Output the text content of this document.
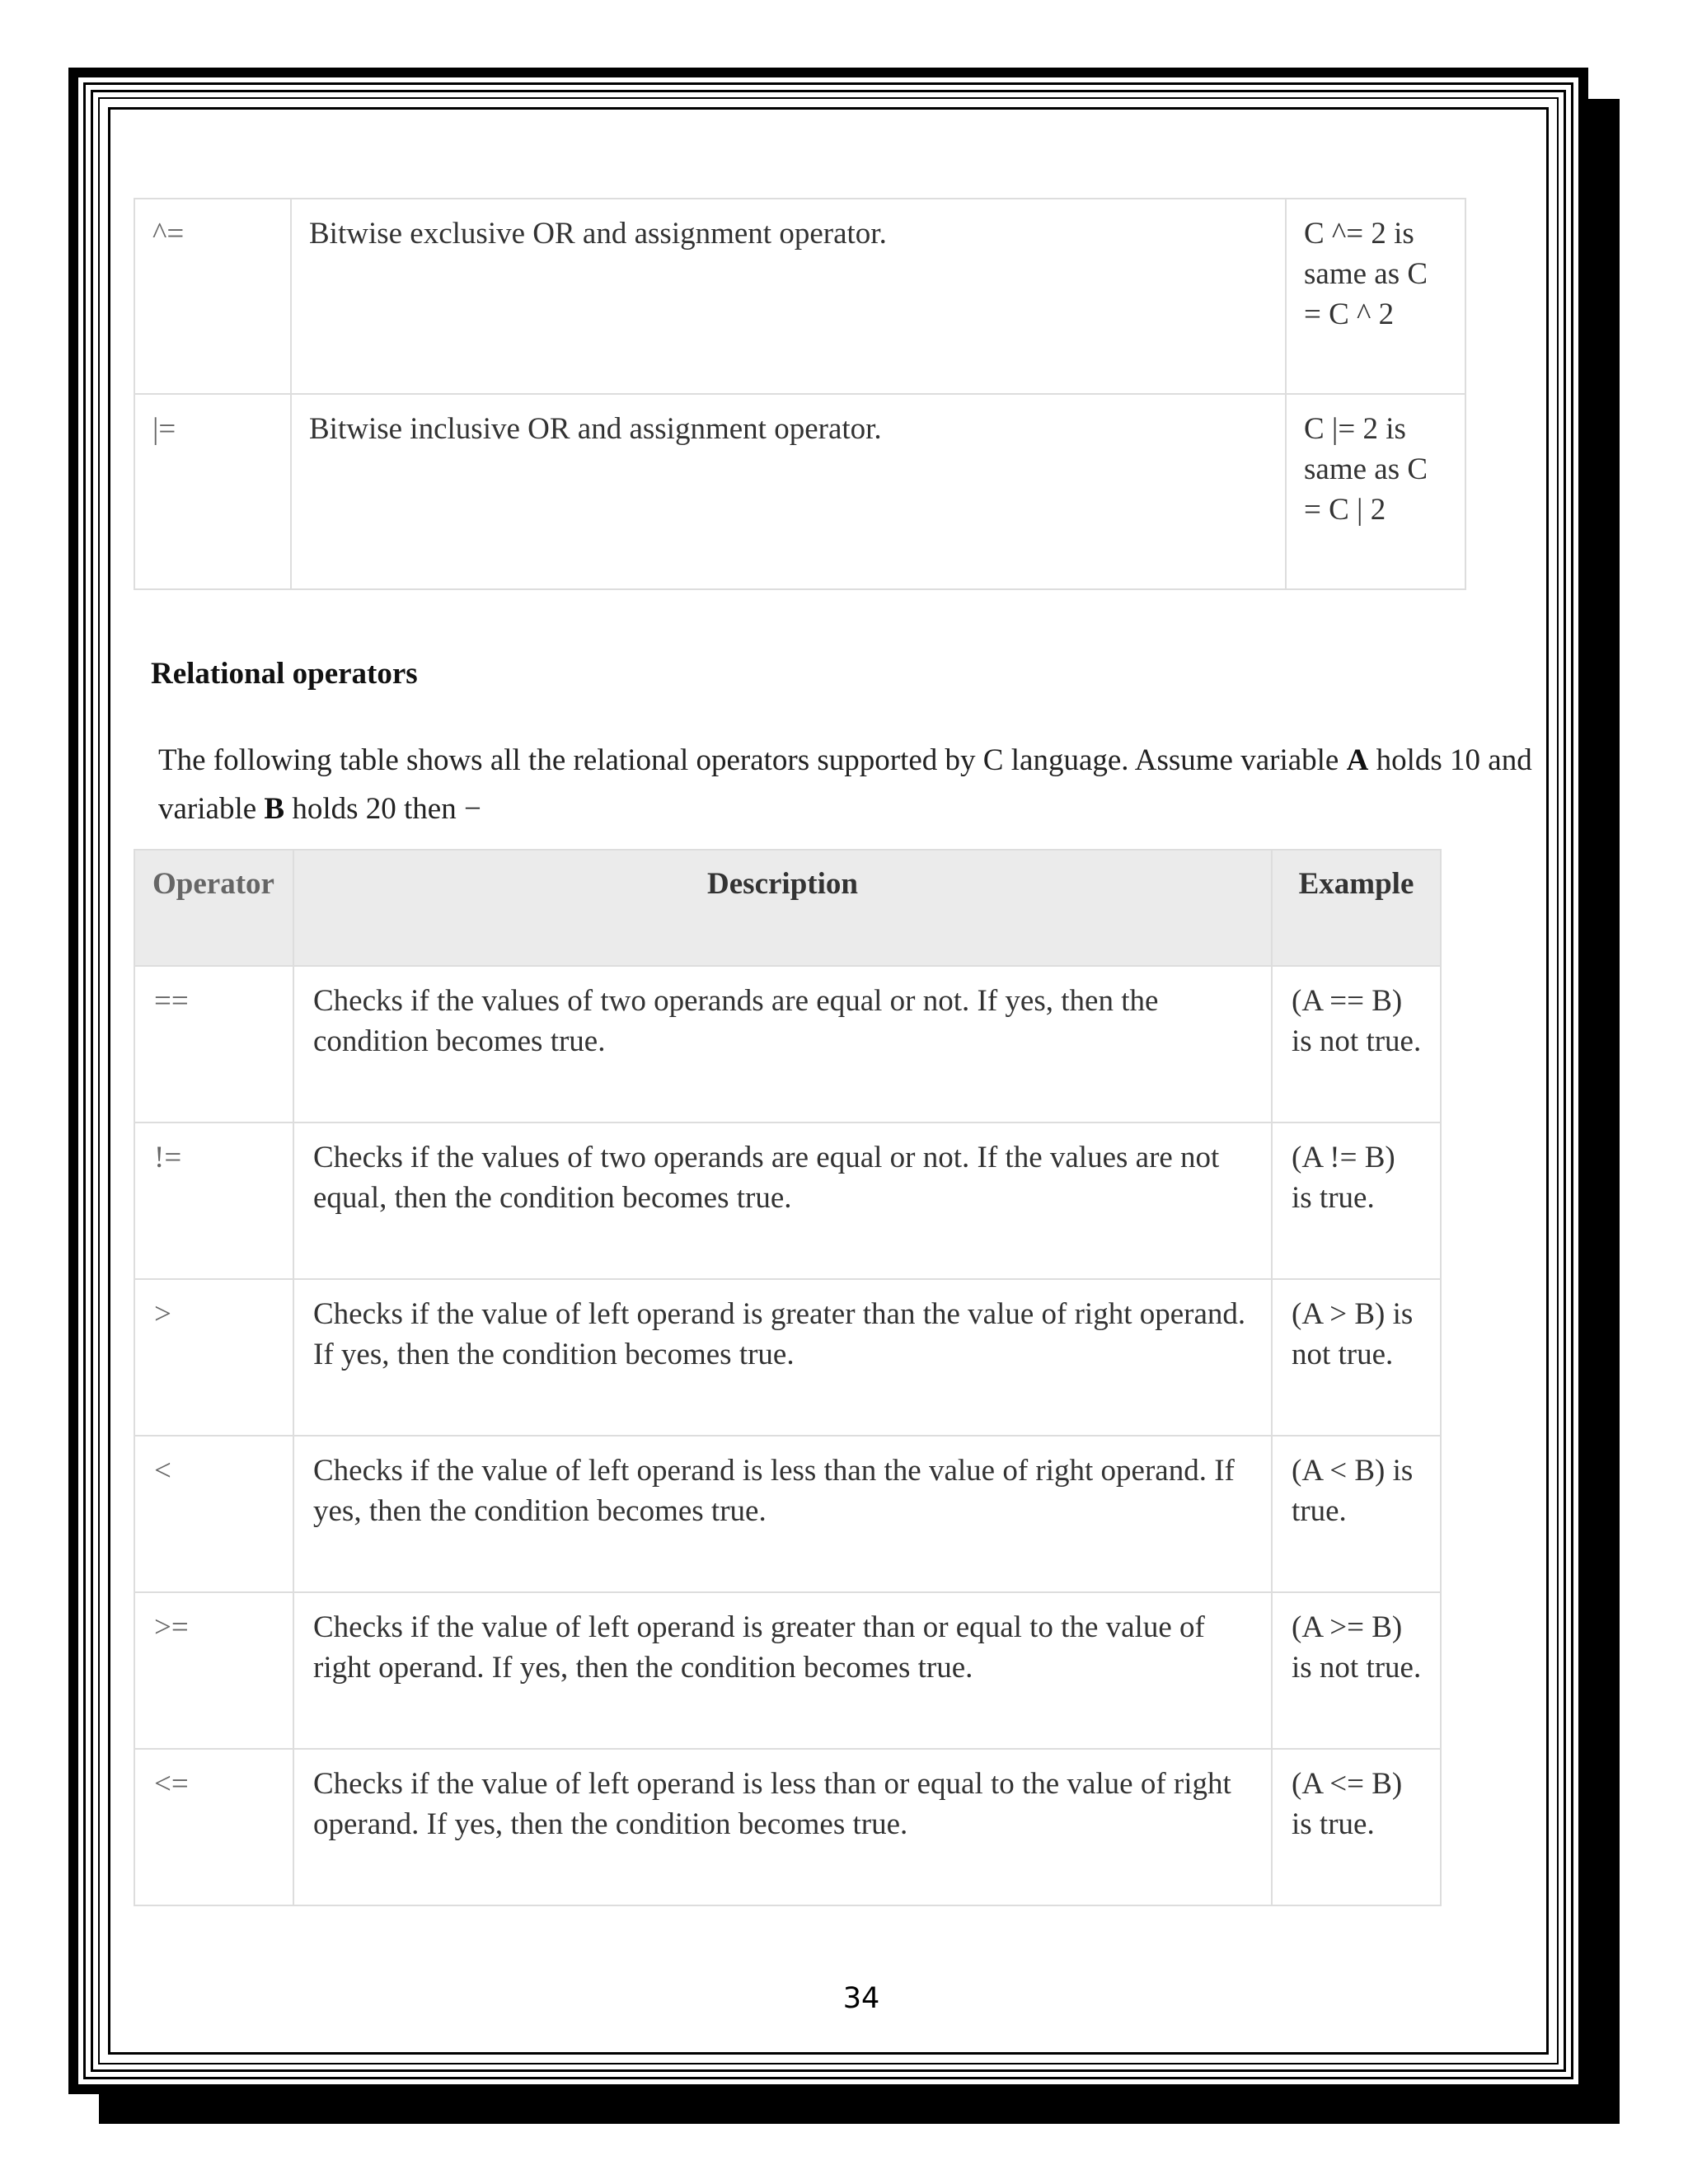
^=	Bitwise exclusive OR and assignment operator.	C ^= 2 is
same as C
= C ^ 2
|=	Bitwise inclusive OR and assignment operator.	C |= 2 is
same as C
= C | 2
Relational operators
The following table shows all the relational operators supported by C language. Assume variable A holds 10 and variable B holds 20 then −
Operator	Description	Example
==	Checks if the values of two operands are equal or not. If yes, then the condition becomes true.	(A == B) is not true.
!=	Checks if the values of two operands are equal or not. If the values are not equal, then the condition becomes true.	(A != B) is true.
>	Checks if the value of left operand is greater than the value of right operand. If yes, then the condition becomes true.	(A > B) is not true.
<	Checks if the value of left operand is less than the value of right operand. If yes, then the condition becomes true.	(A < B) is true.
>=	Checks if the value of left operand is greater than or equal to the value of right operand. If yes, then the condition becomes true.	(A >= B) is not true.
<=	Checks if the value of left operand is less than or equal to the value of right operand. If yes, then the condition becomes true.	(A <= B) is true.
34
